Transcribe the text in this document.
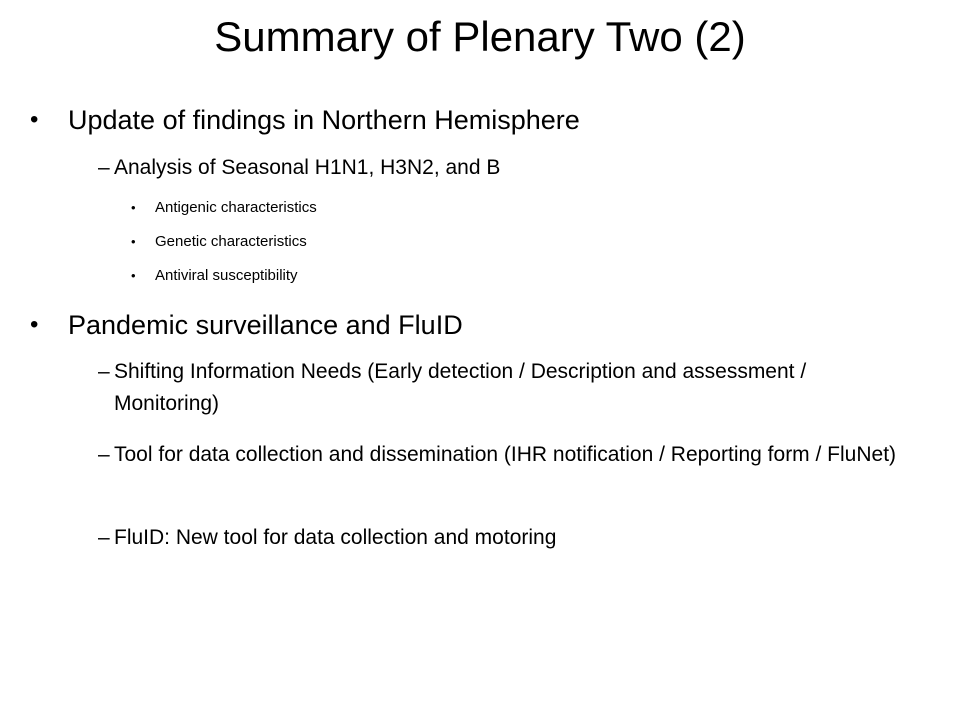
Summary of Plenary Two (2)
• Update of findings in Northern Hemisphere
– Analysis of Seasonal H1N1, H3N2, and B
• Antigenic characteristics
• Genetic characteristics
• Antiviral susceptibility
• Pandemic surveillance and FluID
– Shifting Information Needs (Early detection / Description and assessment / Monitoring)
– Tool for data collection and dissemination (IHR notification / Reporting form / FluNet)
– FluID: New tool for data collection and motoring
